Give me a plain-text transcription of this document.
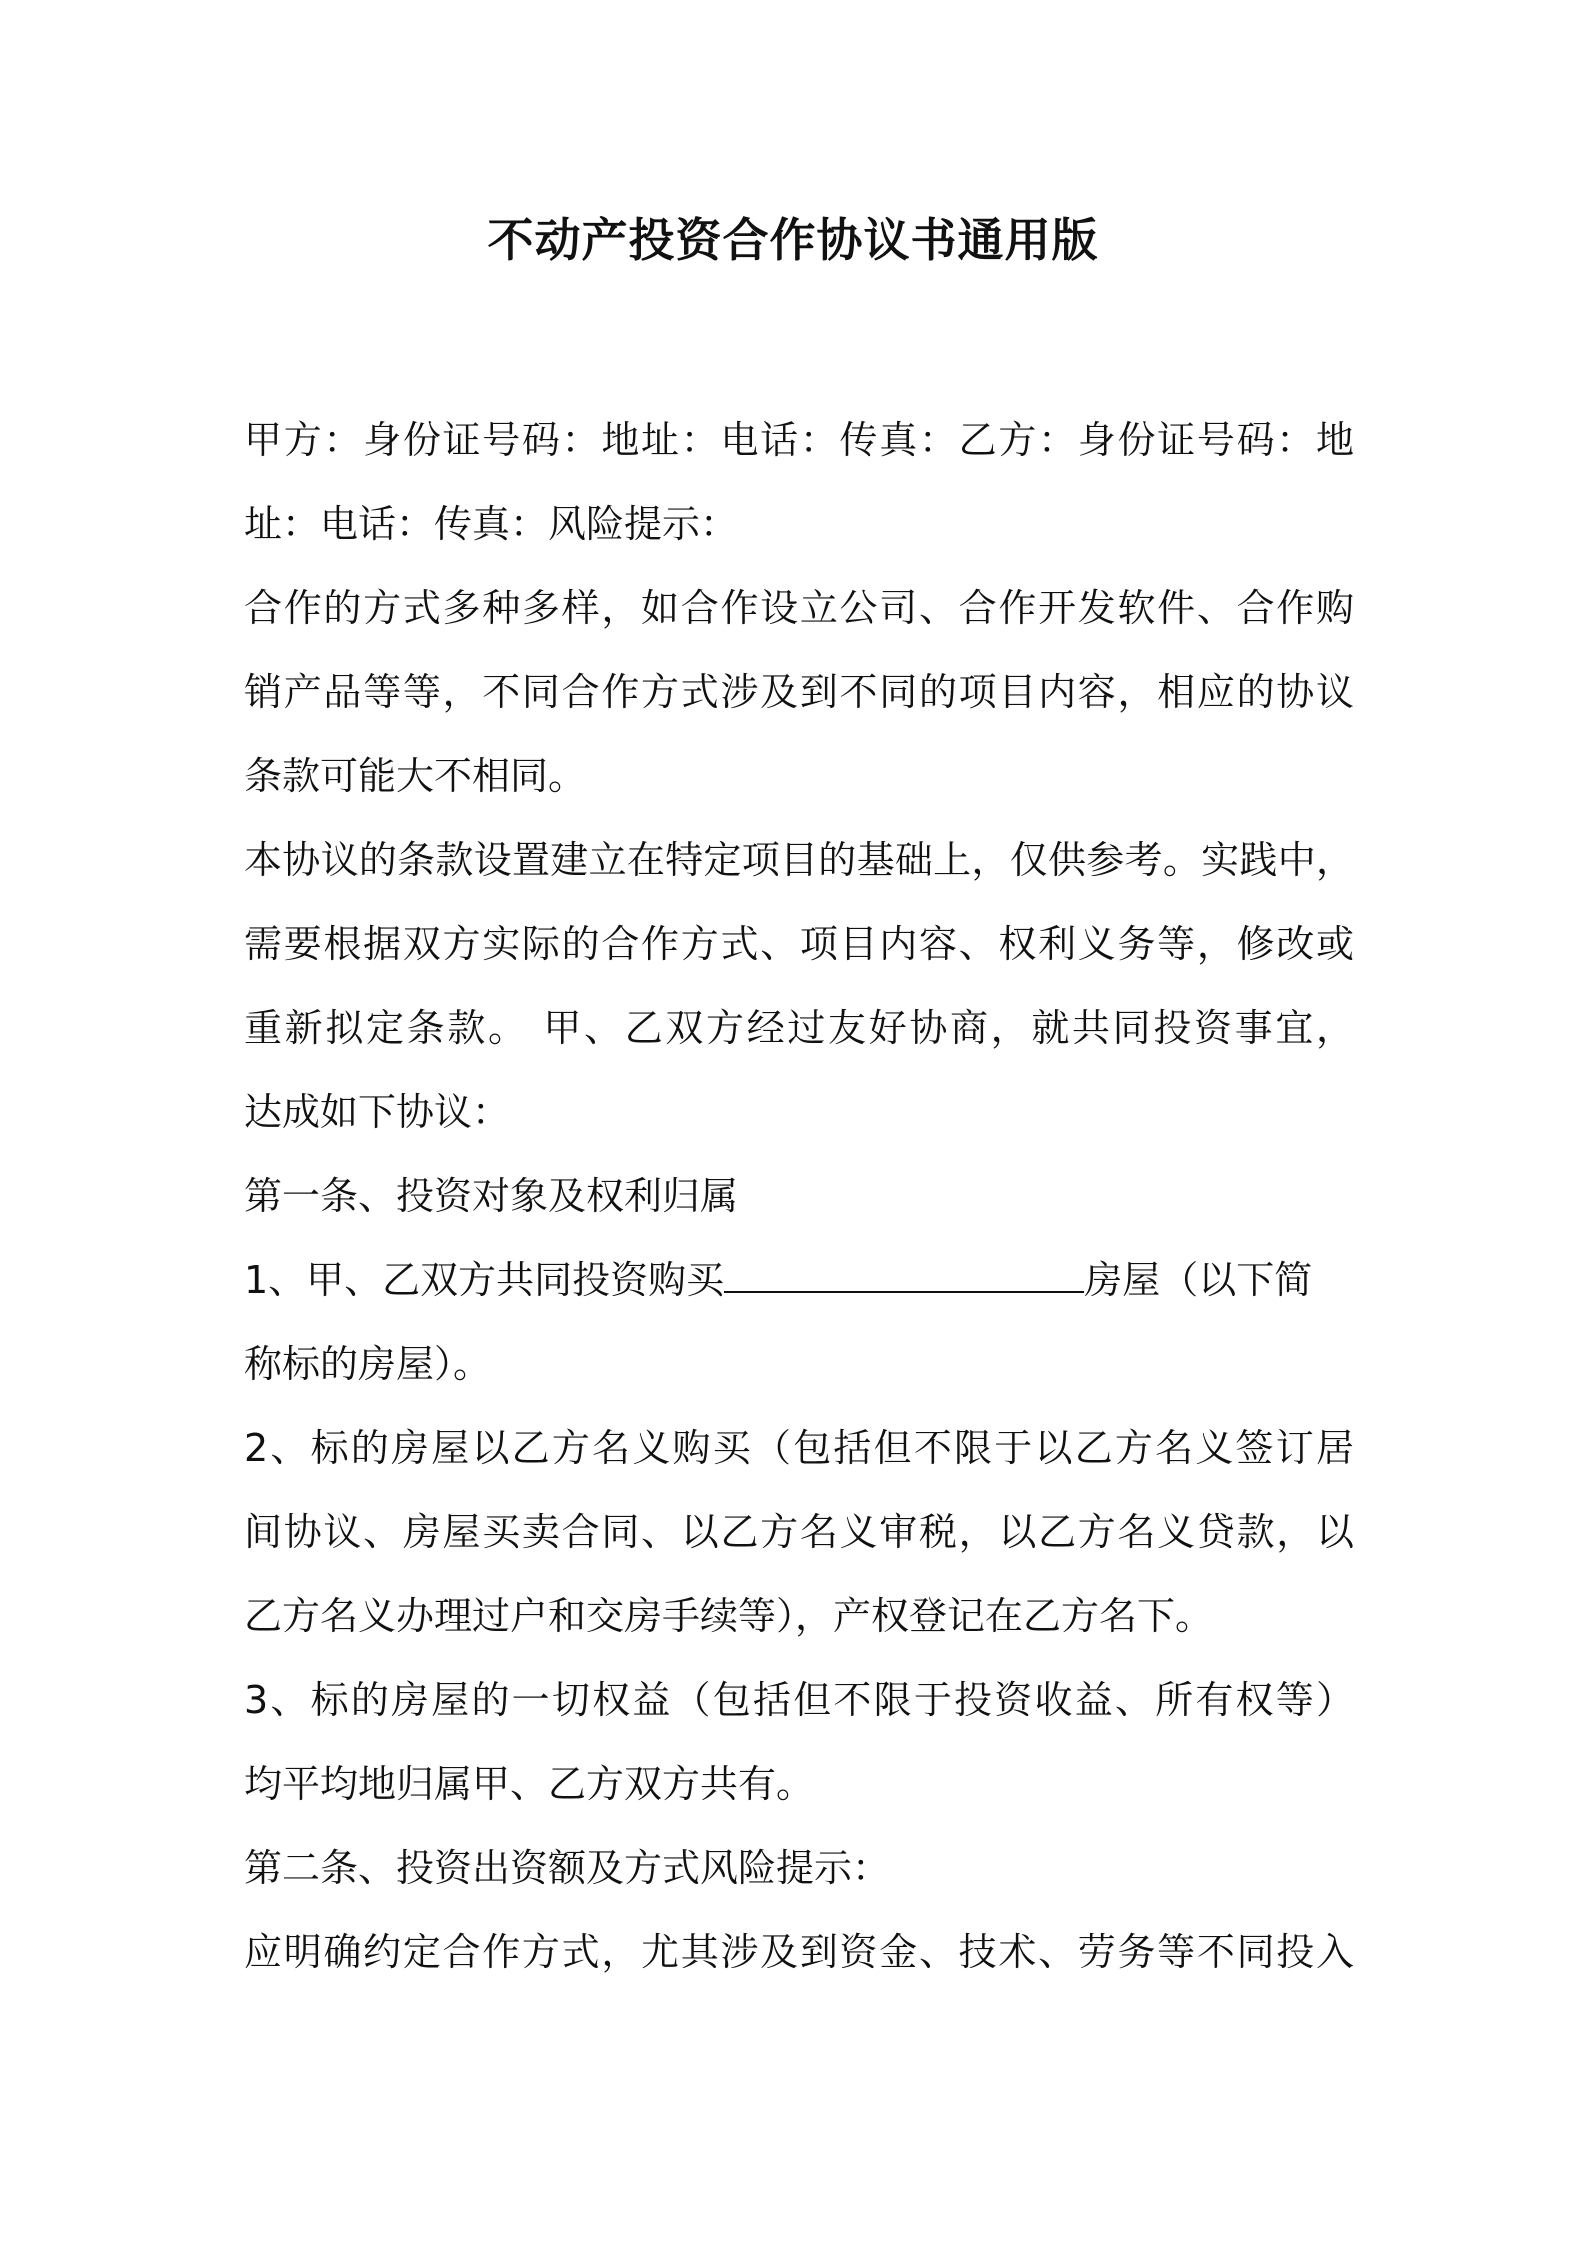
不动产投资合作协议书通用版
甲方：身份证号码：地址：电话：传真：乙方：身份证号码：地
址：电话：传真：风险提示：
合作的方式多种多样，如合作设立公司、合作开发软件、合作购
销产品等等，不同合作方式涉及到不同的项目内容，相应的协议
条款可能大不相同。
本协议的条款设置建立在特定项目的基础上，仅供参考。实践中，
需要根据双方实际的合作方式、项目内容、权利义务等，修改或
重新拟定条款。 甲、乙双方经过友好协商，就共同投资事宜，
达成如下协议：
第一条、投资对象及权利归属
1、甲、乙双方共同投资购买	房屋（以下简
称标的房屋）。
2、标的房屋以乙方名义购买（包括但不限于以乙方名义签订居
间协议、房屋买卖合同、以乙方名义审税，以乙方名义贷款，以
乙方名义办理过户和交房手续等），产权登记在乙方名下。
3、标的房屋的一切权益（包括但不限于投资收益、所有权等）
均平均地归属甲、乙方双方共有。
第二条、投资出资额及方式风险提示：
应明确约定合作方式，尤其涉及到资金、技术、劳务等不同投入
